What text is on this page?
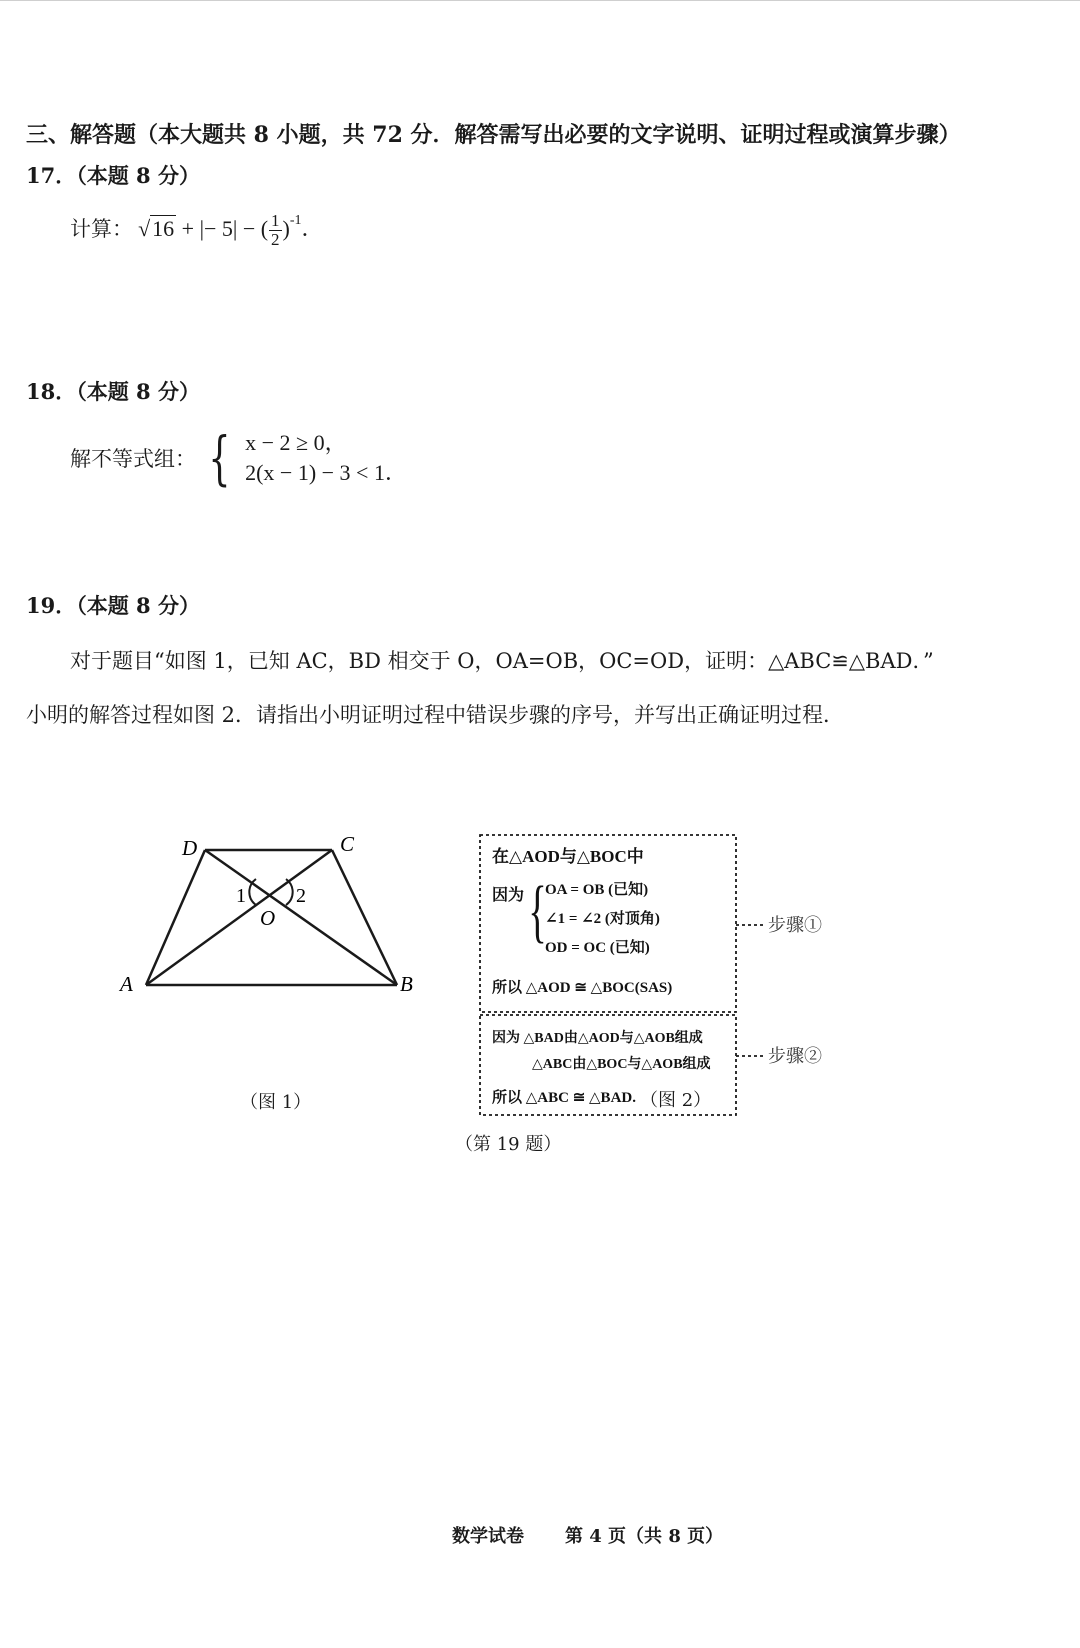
三、解答题（本大题共 8 小题，共 72 分．解答需写出必要的文字说明、证明过程或演算步骤）
17．（本题 8 分）
计算： √16 + |− 5| − ( $\frac{1}{2} )^{-1}$．
18．（本题 8 分）
解不等式组： { x − 2 ≥ 0，
2(x − 1) − 3 < 1．
19．（本题 8 分）
对于题目“如图 1，已知 AC，BD 相交于 O，OA=OB，OC=OD，证明：△ABC≌△BAD．”
小明的解答过程如图 2．请指出小明证明过程中错误步骤的序号，并写出正确证明过程．
D	C
A	B
O
1	2
（图 1）
在△AOD与△BOC中
因为 {
OA = OB (已知)
∠1 = ∠2 (对顶角)
OD = OC (已知)
所以 △AOD ≅ △BOC(SAS)
因为 △BAD由△AOD与△AOB组成
△ABC由△BOC与△AOB组成
所以 △ABC ≅ △BAD.
步骤①
步骤②
（图 2）
（第 19 题）
数学试卷 第 4 页（共 8 页）
